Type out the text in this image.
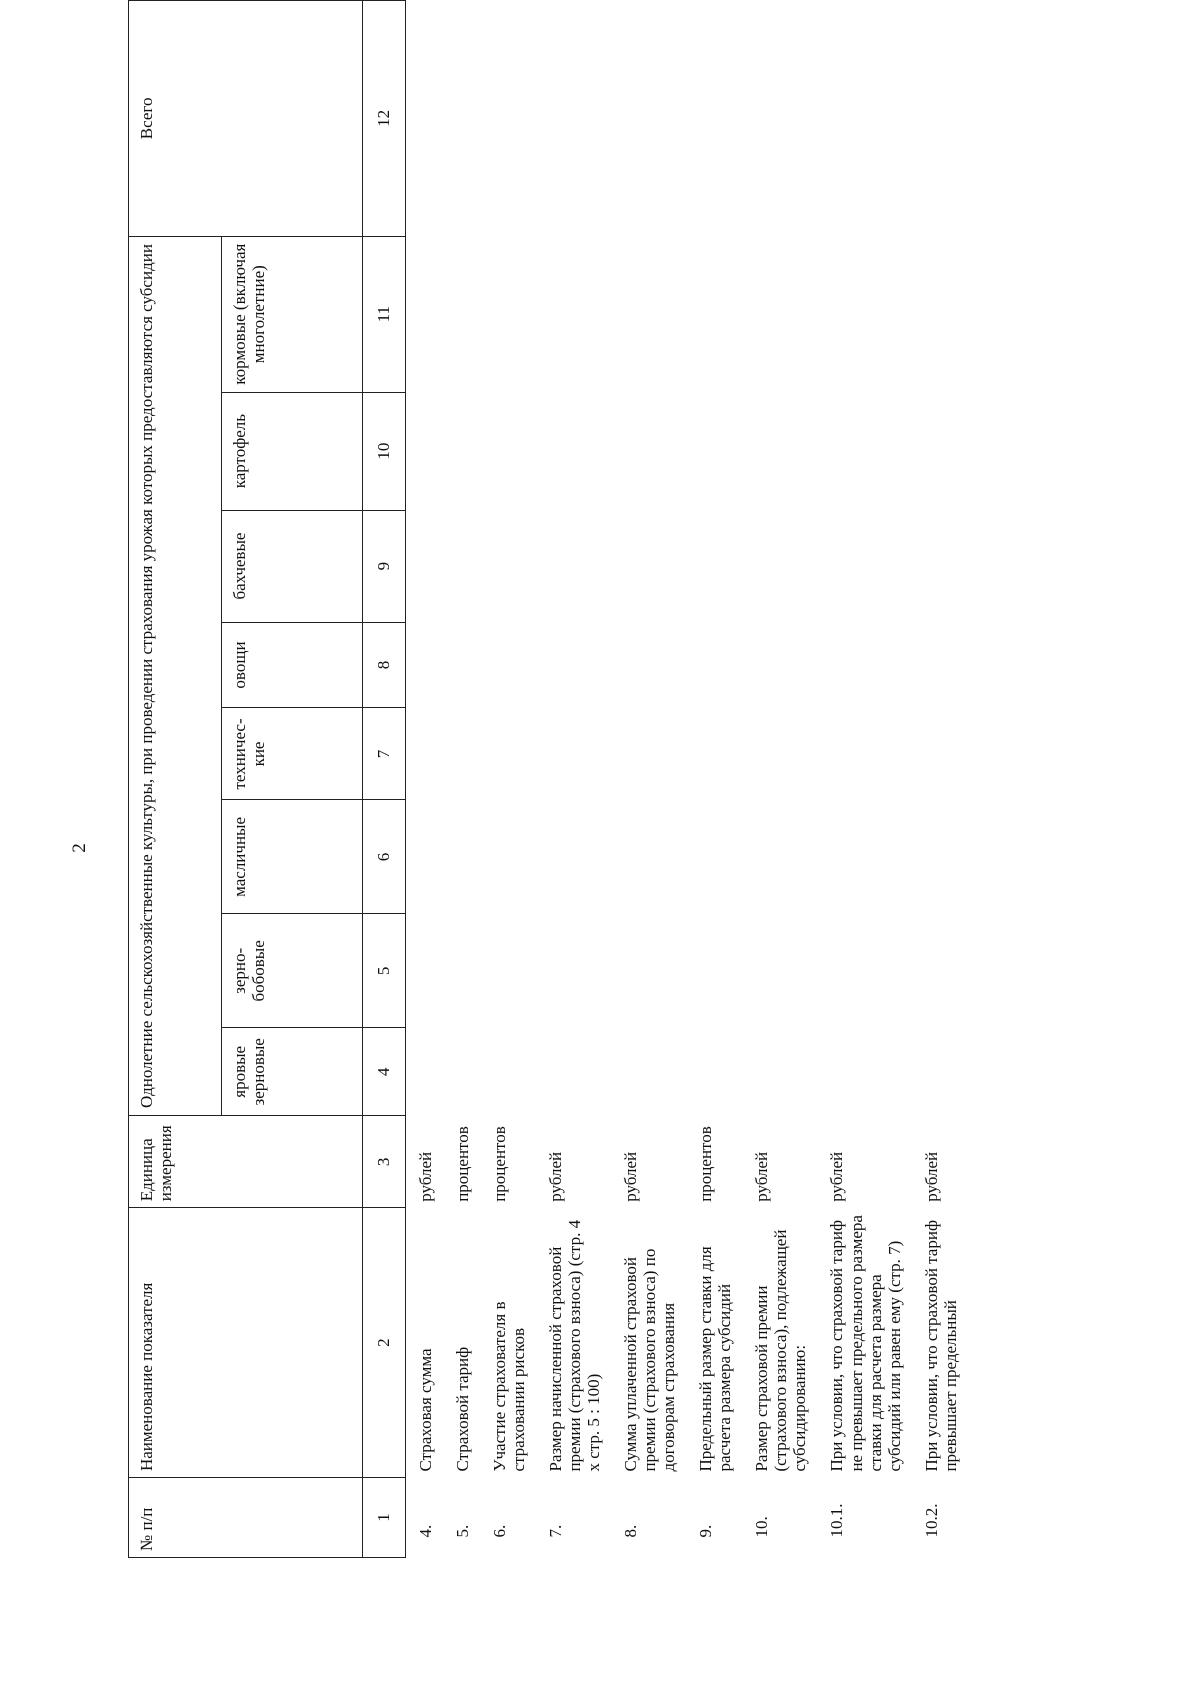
2
№ п/п	Наименование показателя	Единица измерения	Однолетние сельскохозяйственные культуры, при проведении страхования урожая которых предоставляются субсидии								Всего
			яровые зерновые	зерно-бобовые	масличные	техничес-кие	овощи	бахчевые	картофель	кормовые (включая многолетние)	
1	2	3	4	5	6	7	8	9	10	11	12
4.	Страховая сумма	рублей									
5.	Страховой тариф	процентов									
6.	Участие страхователя в страховании рисков	процентов									
7.	Размер начисленной страховой премии (страхового взноса) (стр. 4 х стр. 5 : 100)	рублей									
8.	Сумма уплаченной страховой премии (страхового взноса) по договорам страхования	рублей									
9.	Предельный размер ставки для расчета размера субсидий	процентов									
10.	Размер страховой премии (страхового взноса), подлежащей субсидированию:	рублей									
10.1.	При условии, что страховой тариф не превышает предельного размера ставки для расчета размера субсидий или равен ему (стр. 7)	рублей									
10.2.	При условии, что страховой тариф превышает предельный	рублей									
